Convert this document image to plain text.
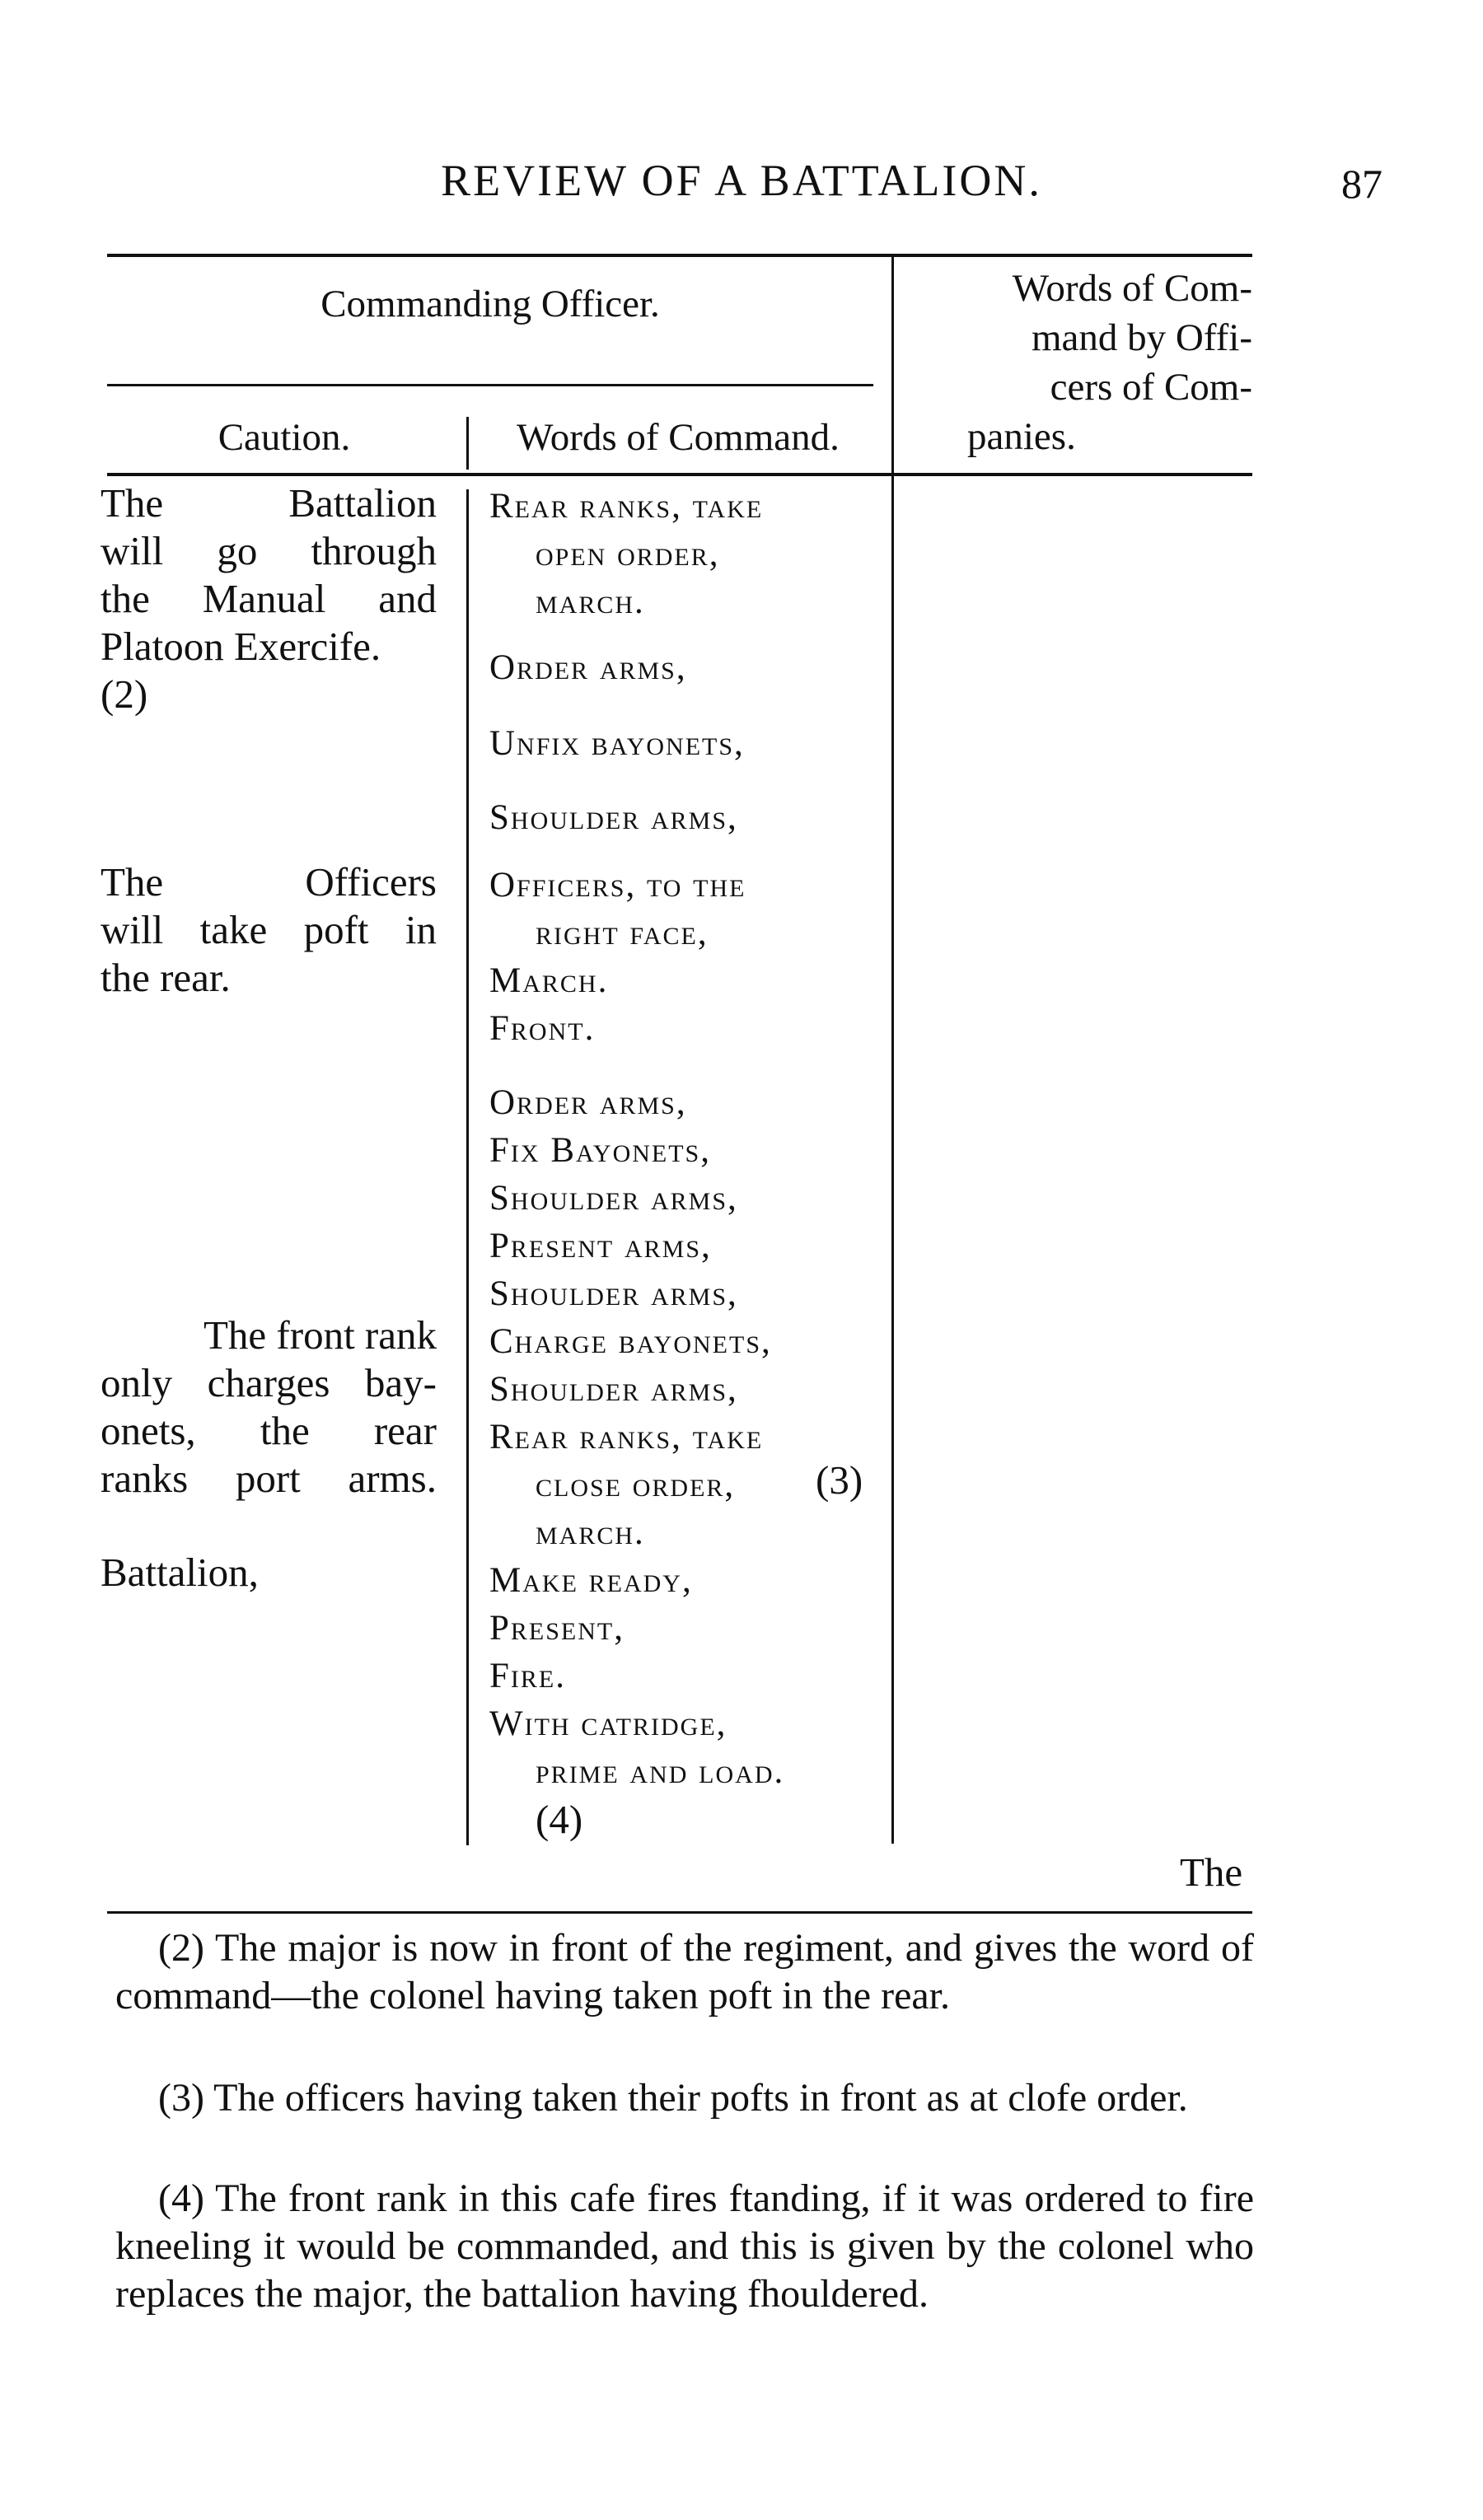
REVIEW OF A BATTALION.	87
Commanding Officer.
Caution.	Words of Command.
Words of Com-
mand by Offi-
cers of Com-
panies.
The Battalion
will go through
the Manual and
Platoon Exercife.
(2)
The Officers
will take poft in
the rear.
The front rank
only charges bay-
onets, the rear
ranks port arms.
Battalion,
Rear ranks, take
open order,
march.
Order arms,
Unfix bayonets,
Shoulder arms,
Officers, to the
right face,
March.
Front.
Order arms,
Fix Bayonets,
Shoulder arms,
Present arms,
Shoulder arms,
Charge bayonets,
Shoulder arms,
Rear ranks, take
close order, (3)
march.
Make ready,
Present,
Fire.
With catridge,
prime and load.
(4)
The
(2) The major is now in front of the regiment, and gives the word of command—the colonel having taken poft in the rear.
(3) The officers having taken their pofts in front as at clofe order.
(4) The front rank in this cafe fires ftanding, if it was ordered to fire kneeling it would be commanded, and this is given by the colonel who replaces the major, the battalion having fhouldered.
